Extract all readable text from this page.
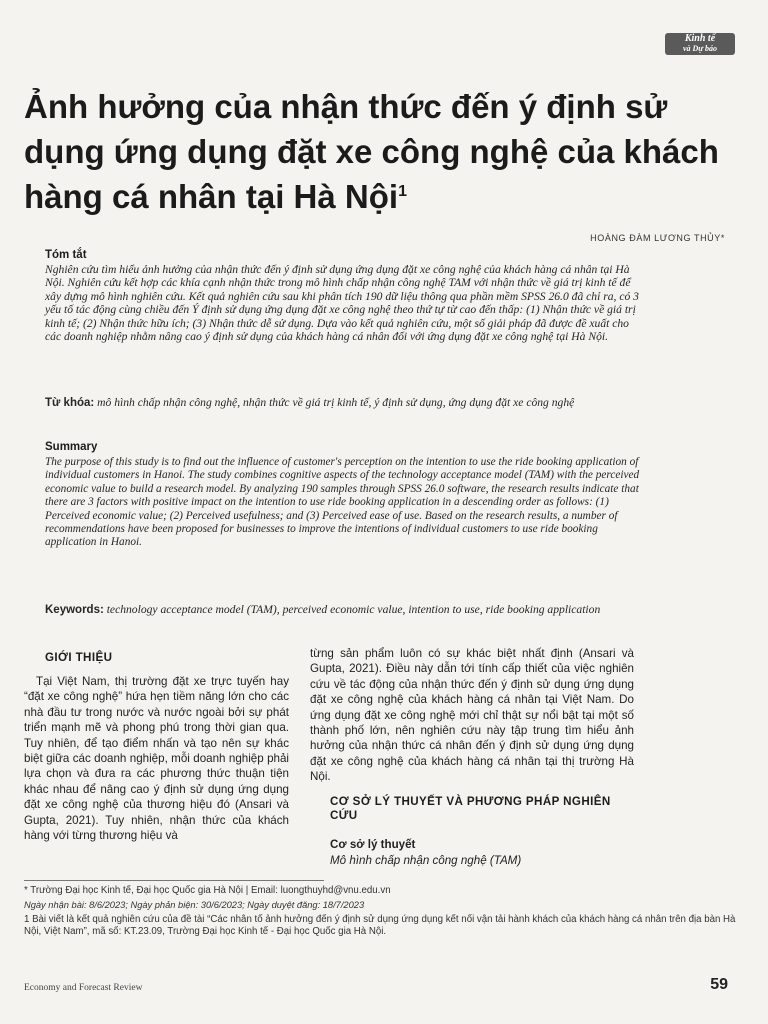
Kinh tế
và Dự báo
Ảnh hưởng của nhận thức đến ý định sử dụng ứng dụng đặt xe công nghệ của khách hàng cá nhân tại Hà Nội$^1$
HOÀNG ĐÀM LƯƠNG THỦY*
Tóm tắt
Nghiên cứu tìm hiểu ảnh hưởng của nhận thức đến ý định sử dụng ứng dụng đặt xe công nghệ của khách hàng cá nhân tại Hà Nội. Nghiên cứu kết hợp các khía cạnh nhận thức trong mô hình chấp nhận công nghệ TAM với nhận thức về giá trị kinh tế để xây dựng mô hình nghiên cứu. Kết quả nghiên cứu sau khi phân tích 190 dữ liệu thông qua phần mềm SPSS 26.0 đã chỉ ra, có 3 yếu tố tác động cùng chiều đến Ý định sử dụng ứng dụng đặt xe công nghệ theo thứ tự từ cao đến thấp: (1) Nhận thức về giá trị kinh tế; (2) Nhận thức hữu ích; (3) Nhận thức dễ sử dụng. Dựa vào kết quả nghiên cứu, một số giải pháp đã được đề xuất cho các doanh nghiệp nhằm nâng cao ý định sử dụng của khách hàng cá nhân đối với ứng dụng đặt xe công nghệ tại Hà Nội.
Từ khóa: mô hình chấp nhận công nghệ, nhận thức về giá trị kinh tế, ý định sử dụng, ứng dụng đặt xe công nghệ
Summary
The purpose of this study is to find out the influence of customer's perception on the intention to use the ride booking application of individual customers in Hanoi. The study combines cognitive aspects of the technology acceptance model (TAM) with the perceived economic value to build a research model. By analyzing 190 samples through SPSS 26.0 software, the research results indicate that there are 3 factors with positive impact on the intention to use ride booking application in a descending order as follows: (1) Perceived economic value; (2) Perceived usefulness; and (3) Perceived ease of use. Based on the research results, a number of recommendations have been proposed for businesses to improve the intentions of individual customers to use ride booking application in Hanoi.
Keywords: technology acceptance model (TAM), perceived economic value, intention to use, ride booking application
GIỚI THIỆU

Tại Việt Nam, thị trường đặt xe trực tuyến hay “đặt xe công nghệ” hứa hẹn tiềm năng lớn cho các nhà đầu tư trong nước và nước ngoài bởi sự phát triển mạnh mẽ và phong phú trong thời gian qua. Tuy nhiên, để tạo điểm nhấn và tạo nên sự khác biệt giữa các doanh nghiệp, mỗi doanh nghiệp phải lựa chọn và đưa ra các phương thức thuận tiện khác nhau để nâng cao ý định sử dụng ứng dụng đặt xe công nghệ của thương hiệu đó (Ansari và Gupta, 2021). Tuy nhiên, nhận thức của khách hàng với từng thương hiệu và

từng sản phẩm luôn có sự khác biệt nhất định (Ansari và Gupta, 2021). Điều này dẫn tới tính cấp thiết của việc nghiên cứu về tác động của nhận thức đến ý định sử dụng ứng dụng đặt xe công nghệ của khách hàng cá nhân tại Việt Nam. Do ứng dụng đặt xe công nghệ mới chỉ thật sự nổi bật tại một số thành phố lớn, nên nghiên cứu này tập trung tìm hiểu ảnh hưởng của nhận thức cá nhân đến ý định sử dụng ứng dụng đặt xe công nghệ của khách hàng cá nhân tại thị trường Hà Nội.

CƠ SỞ LÝ THUYẾT VÀ PHƯƠNG PHÁP NGHIÊN CỨU
Cơ sở lý thuyết
Mô hình chấp nhận công nghệ (TAM)
* Trường Đại học Kinh tế, Đại học Quốc gia Hà Nội | Email: luongthuyhd@vnu.edu.vn
Ngày nhận bài: 8/6/2023; Ngày phản biện: 30/6/2023; Ngày duyệt đăng: 18/7/2023
1 Bài viết là kết quả nghiên cứu của đề tài “Các nhân tố ảnh hưởng đến ý định sử dụng ứng dụng kết nối vận tải hành khách của khách hàng cá nhân trên địa bàn Hà Nội, Việt Nam”, mã số: KT.23.09, Trường Đại học Kinh tế - Đại học Quốc gia Hà Nội.
Economy and Forecast Review	59
